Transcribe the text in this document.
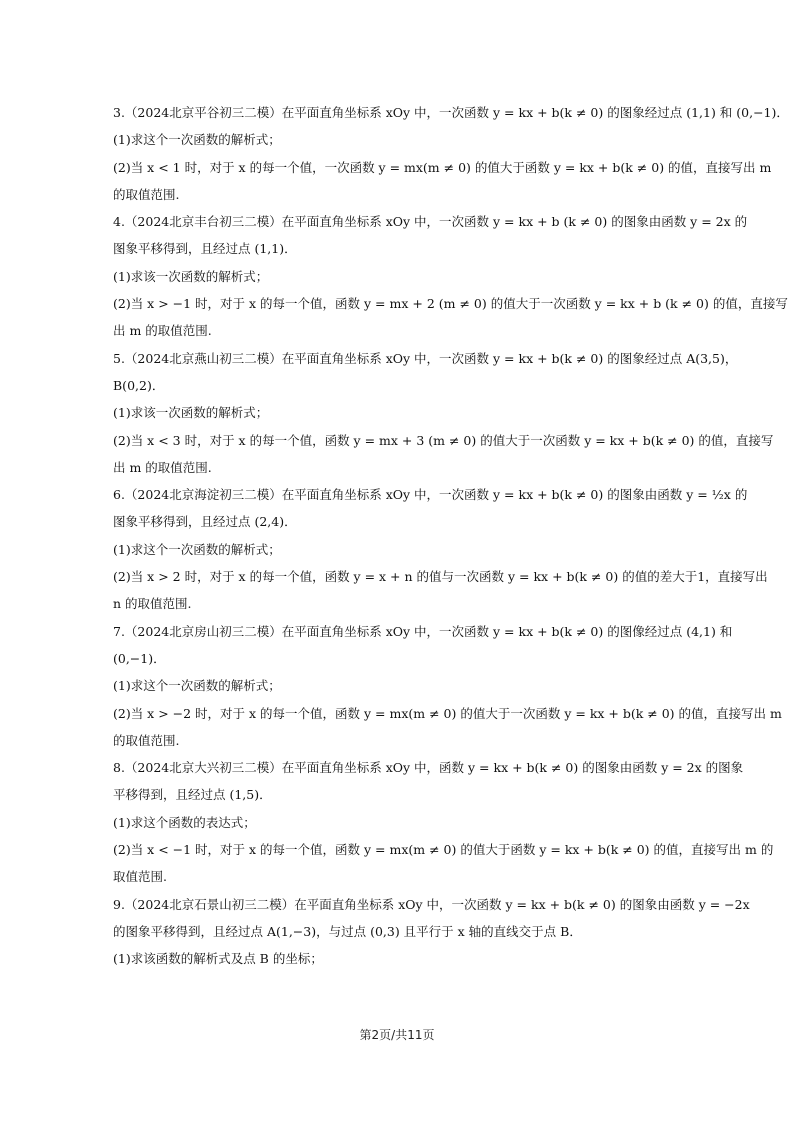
3.（2024北京平谷初三二模）在平面直角坐标系 xOy 中，一次函数 y = kx + b(k ≠ 0) 的图象经过点 (1,1) 和 (0,−1)．
(1)求这个一次函数的解析式；
(2)当 x < 1 时，对于 x 的每一个值，一次函数 y = mx(m ≠ 0) 的值大于函数 y = kx + b(k ≠ 0) 的值，直接写出 m
的取值范围.
4.（2024北京丰台初三二模）在平面直角坐标系 xOy 中，一次函数 y = kx + b (k ≠ 0) 的图象由函数 y = 2x 的
图象平移得到，且经过点 (1,1)．
(1)求该一次函数的解析式；
(2)当 x > −1 时，对于 x 的每一个值，函数 y = mx + 2 (m ≠ 0) 的值大于一次函数 y = kx + b (k ≠ 0) 的值，直接写
出 m 的取值范围.
5.（2024北京燕山初三二模）在平面直角坐标系 xOy 中，一次函数 y = kx + b(k ≠ 0) 的图象经过点 A(3,5)，
B(0,2)．
(1)求该一次函数的解析式；
(2)当 x < 3 时，对于 x 的每一个值，函数 y = mx + 3 (m ≠ 0) 的值大于一次函数 y = kx + b(k ≠ 0) 的值，直接写
出 m 的取值范围.
6.（2024北京海淀初三二模）在平面直角坐标系 xOy 中，一次函数 y = kx + b(k ≠ 0) 的图象由函数 y = ½x 的
图象平移得到，且经过点 (2,4)．
(1)求这个一次函数的解析式；
(2)当 x > 2 时，对于 x 的每一个值，函数 y = x + n 的值与一次函数 y = kx + b(k ≠ 0) 的值的差大于1，直接写出
n 的取值范围.
7.（2024北京房山初三二模）在平面直角坐标系 xOy 中，一次函数 y = kx + b(k ≠ 0) 的图像经过点 (4,1) 和
(0,−1)．
(1)求这个一次函数的解析式；
(2)当 x > −2 时，对于 x 的每一个值，函数 y = mx(m ≠ 0) 的值大于一次函数 y = kx + b(k ≠ 0) 的值，直接写出 m
的取值范围.
8.（2024北京大兴初三二模）在平面直角坐标系 xOy 中，函数 y = kx + b(k ≠ 0) 的图象由函数 y = 2x 的图象
平移得到，且经过点 (1,5)．
(1)求这个函数的表达式；
(2)当 x < −1 时，对于 x 的每一个值，函数 y = mx(m ≠ 0) 的值大于函数 y = kx + b(k ≠ 0) 的值，直接写出 m 的
取值范围.
9.（2024北京石景山初三二模）在平面直角坐标系 xOy 中，一次函数 y = kx + b(k ≠ 0) 的图象由函数 y = −2x
的图象平移得到，且经过点 A(1,−3)，与过点 (0,3) 且平行于 x 轴的直线交于点 B．
(1)求该函数的解析式及点 B 的坐标；
第2页/共11页
